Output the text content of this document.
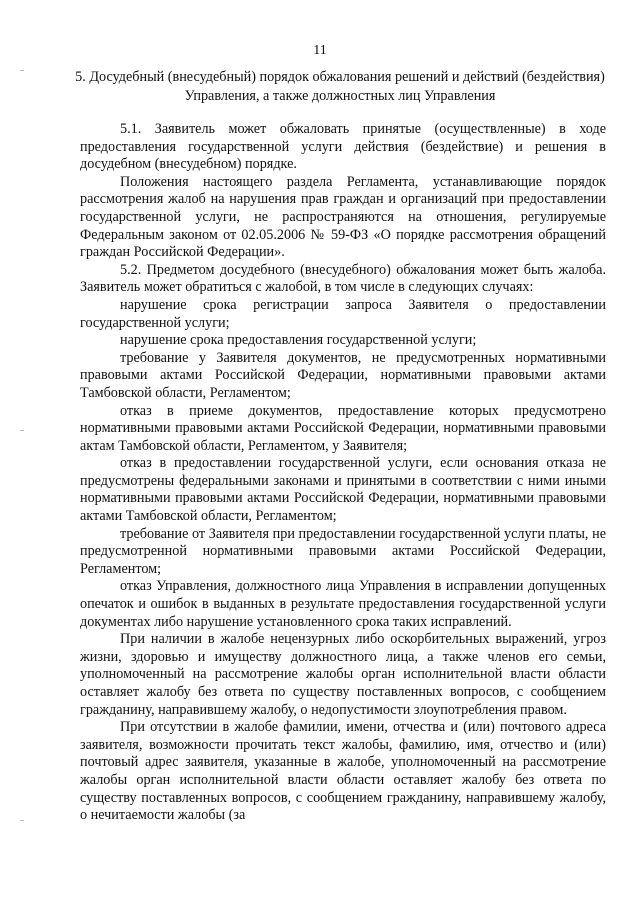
11
5. Досудебный (внесудебный) порядок обжалования решений и действий (бездействия) Управления, а также должностных лиц Управления

5.1. Заявитель может обжаловать принятые (осуществленные) в ходе предоставления государственной услуги действия (бездействие) и решения в досудебном (внесудебном) порядке.

Положения настоящего раздела Регламента, устанавливающие порядок рассмотрения жалоб на нарушения прав граждан и организаций при предоставлении государственной услуги, не распространяются на отношения, регулируемые Федеральным законом от 02.05.2006 № 59-ФЗ «О порядке рассмотрения обращений граждан Российской Федерации».

5.2. Предметом досудебного (внесудебного) обжалования может быть жалоба. Заявитель может обратиться с жалобой, в том числе в следующих случаях:

нарушение срока регистрации запроса Заявителя о предоставлении государственной услуги;

нарушение срока предоставления государственной услуги;

требование у Заявителя документов, не предусмотренных нормативными правовыми актами Российской Федерации, нормативными правовыми актами Тамбовской области, Регламентом;

отказ в приеме документов, предоставление которых предусмотрено нормативными правовыми актами Российской Федерации, нормативными правовыми актам Тамбовской области, Регламентом, у Заявителя;

отказ в предоставлении государственной услуги, если основания отказа не предусмотрены федеральными законами и принятыми в соответствии с ними иными нормативными правовыми актами Российской Федерации, нормативными правовыми актами Тамбовской области, Регламентом;

требование от Заявителя при предоставлении государственной услуги платы, не предусмотренной нормативными правовыми актами Российской Федерации, Регламентом;

отказ Управления, должностного лица Управления в исправлении допущенных опечаток и ошибок в выданных в результате предоставления государственной услуги документах либо нарушение установленного срока таких исправлений.

При наличии в жалобе нецензурных либо оскорбительных выражений, угроз жизни, здоровью и имуществу должностного лица, а также членов его семьи, уполномоченный на рассмотрение жалобы орган исполнительной власти области оставляет жалобу без ответа по существу поставленных вопросов, с сообщением гражданину, направившему жалобу, о недопустимости злоупотребления правом.

При отсутствии в жалобе фамилии, имени, отчества и (или) почтового адреса заявителя, возможности прочитать текст жалобы, фамилию, имя, отчество и (или) почтовый адрес заявителя, указанные в жалобе, уполномоченный на рассмотрение жалобы орган исполнительной власти области оставляет жалобу без ответа по существу поставленных вопросов, с сообщением гражданину, направившему жалобу, о нечитаемости жалобы (за
